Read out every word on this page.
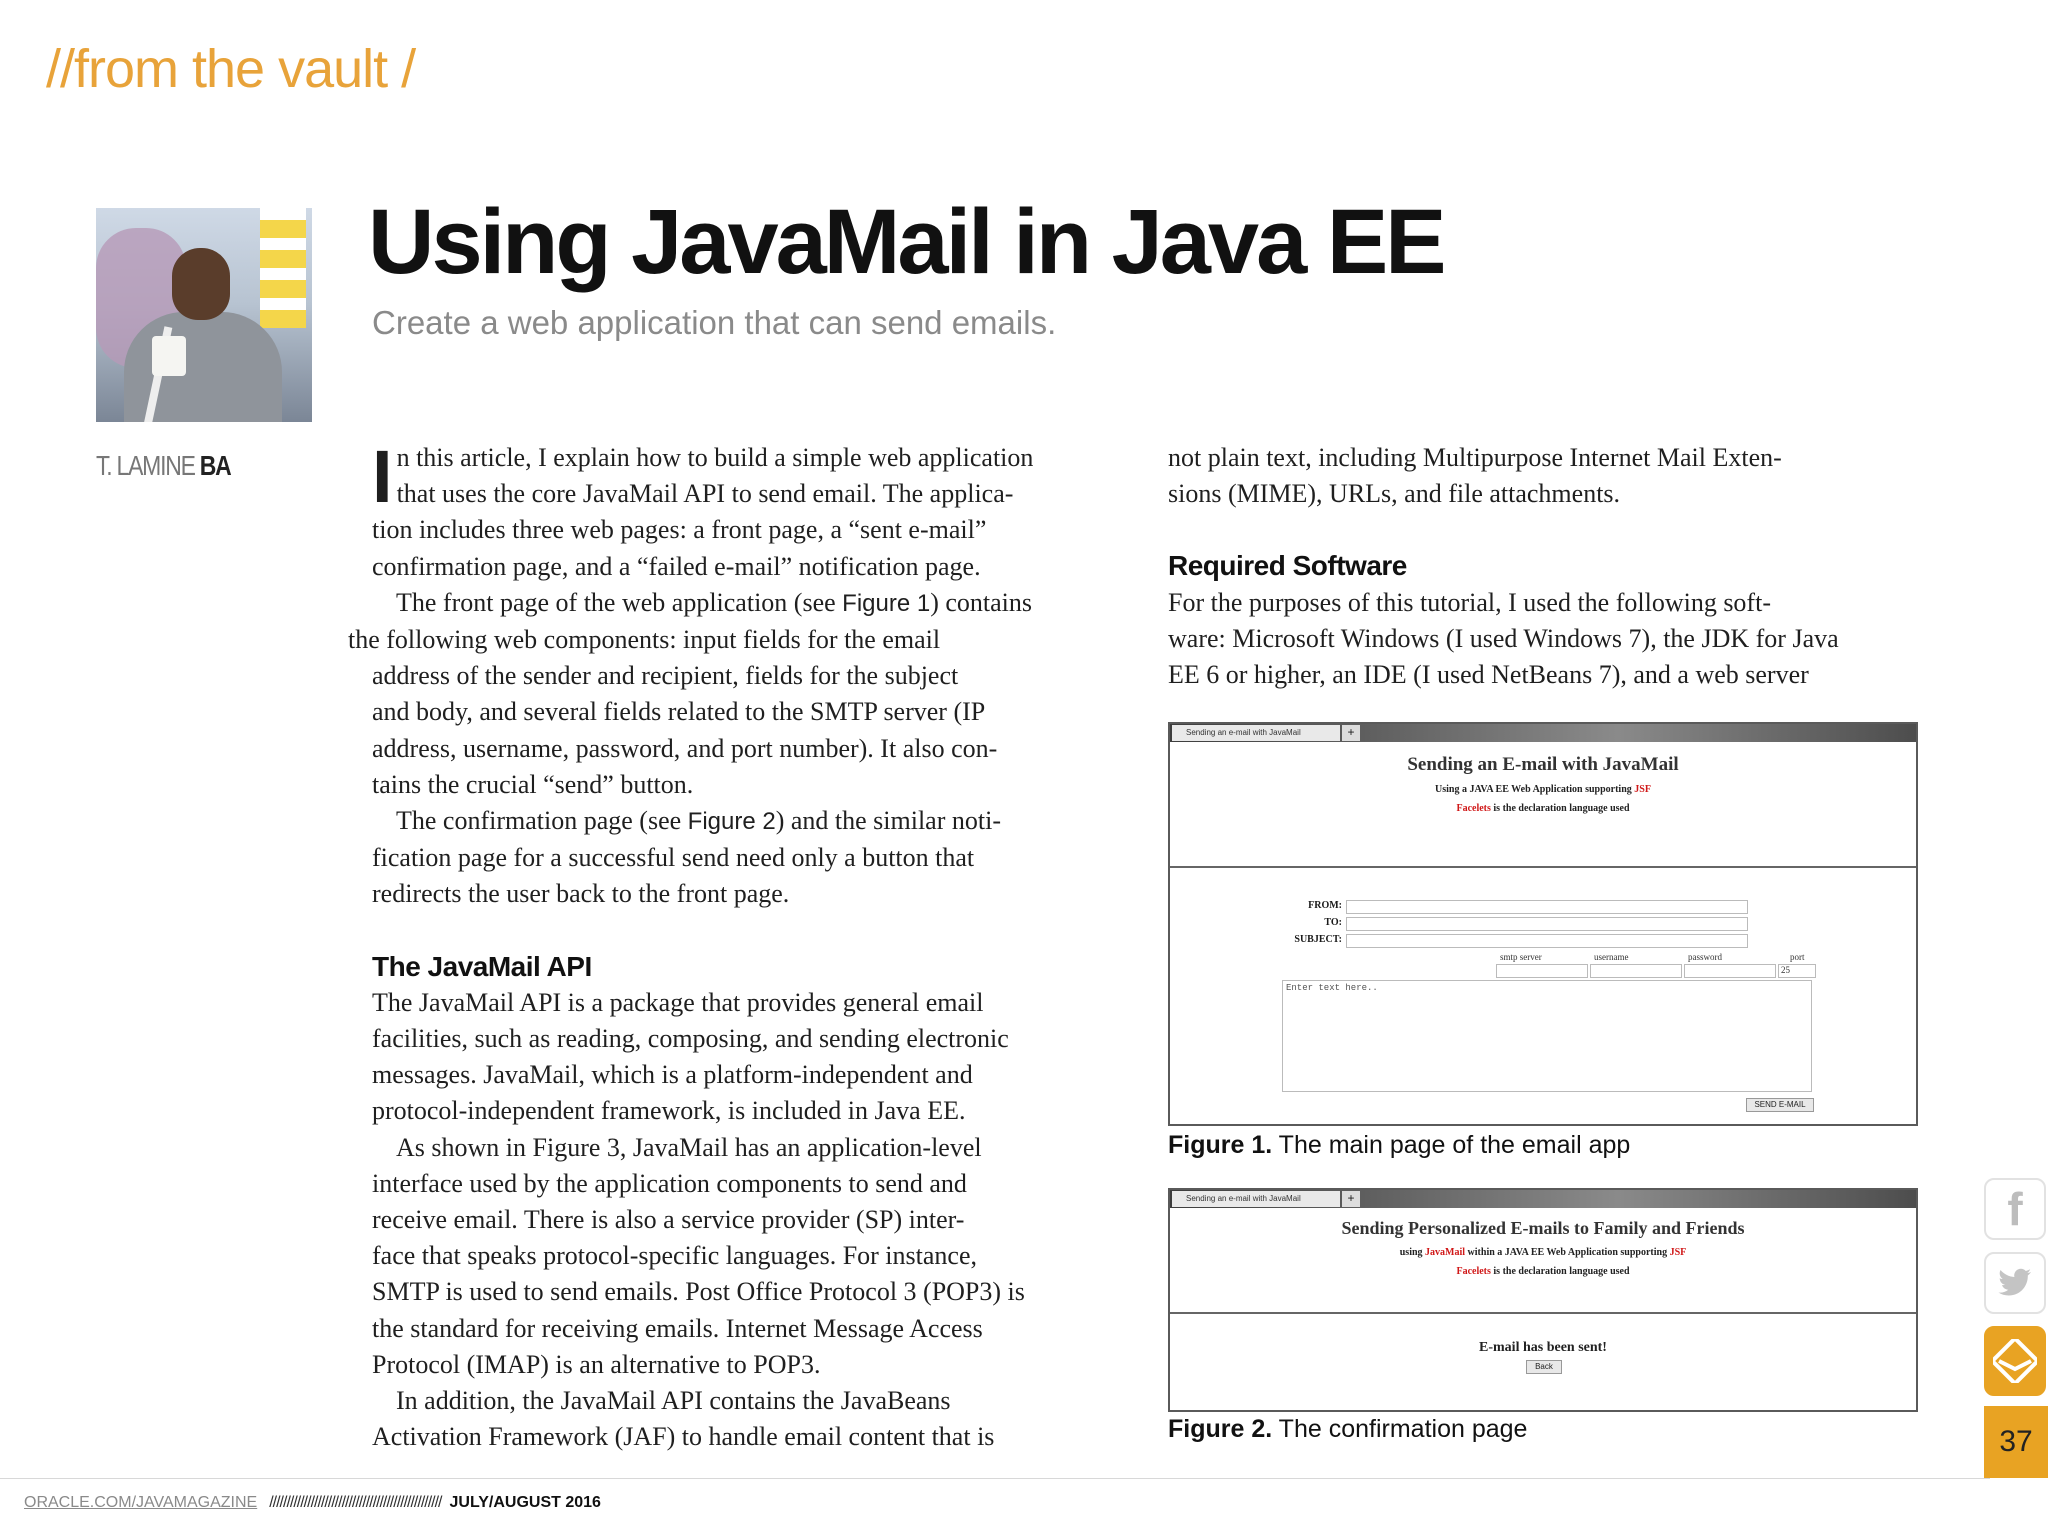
//from the vault /
T. LAMINE BA
Using JavaMail in Java EE
Create a web application that can send emails.

In this article, I explain how to build a simple web application
that uses the core JavaMail API to send email. The applica-
tion includes three web pages: a front page, a “sent e-mail”
confirmation page, and a “failed e-mail” notification page.

The front page of the web application (see Figure 1) contains
the following web components: input fields for the email
address of the sender and recipient, fields for the subject
and body, and several fields related to the SMTP server (IP
address, username, password, and port number). It also con-
tains the crucial “send” button.

The confirmation page (see Figure 2) and the similar noti-
fication page for a successful send need only a button that
redirects the user back to the front page.

The JavaMail API

The JavaMail API is a package that provides general email
facilities, such as reading, composing, and sending electronic
messages. JavaMail, which is a platform-independent and
protocol-independent framework, is included in Java EE.

As shown in Figure 3, JavaMail has an application-level
interface used by the application components to send and
receive email. There is also a service provider (SP) inter-
face that speaks protocol-specific languages. For instance,
SMTP is used to send emails. Post Office Protocol 3 (POP3) is
the standard for receiving emails. Internet Message Access
Protocol (IMAP) is an alternative to POP3.

In addition, the JavaMail API contains the JavaBeans
Activation Framework (JAF) to handle email content that is

not plain text, including Multipurpose Internet Mail Exten-
sions (MIME), URLs, and file attachments.

Required Software

For the purposes of this tutorial, I used the following soft-
ware: Microsoft Windows (I used Windows 7), the JDK for Java
EE 6 or higher, an IDE (I used NetBeans 7), and a web server

Sending an e-mail with JavaMail	+
Sending an E-mail with JavaMail
Using a JAVA EE Web Application supporting JSF
Facelets is the declaration language used
FROM:
TO:
SUBJECT:
smtp server	username	password	port
25
Enter text here..
SEND E-MAIL
Figure 1. The main page of the email app
Sending an e-mail with JavaMail	+
Sending Personalized E-mails to Family and Friends
using JavaMail within a JAVA EE Web Application supporting JSF
Facelets is the declaration language used
E-mail has been sent!
Back
Figure 2. The confirmation page
ORACLE.COM/JAVAMAGAZINE ////////////////////////////////////////////////// JULY/AUGUST 2016
f
37
